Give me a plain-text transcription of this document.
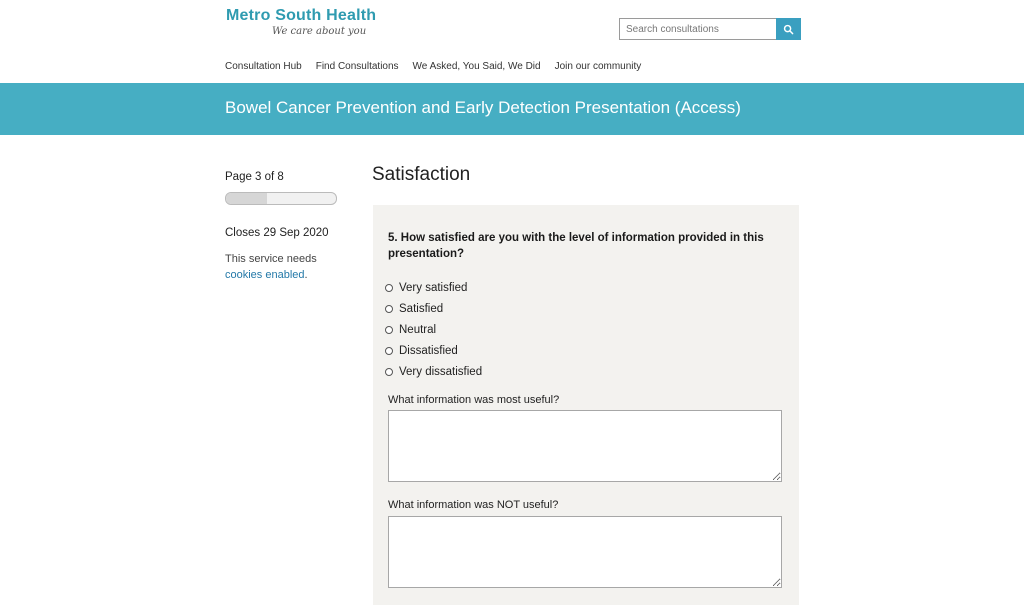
Metro South Health
We care about you
Search consultations
Consultation Hub Find Consultations We Asked, You Said, We Did Join our community
Bowel Cancer Prevention and Early Detection Presentation (Access)
Page 3 of 8
Closes 29 Sep 2020
This service needs
cookies enabled.
Satisfaction
5. How satisfied are you with the level of information provided in this presentation?
Very satisfied
Satisfied
Neutral
Dissatisfied
Very dissatisfied
What information was most useful?
What information was NOT useful?
